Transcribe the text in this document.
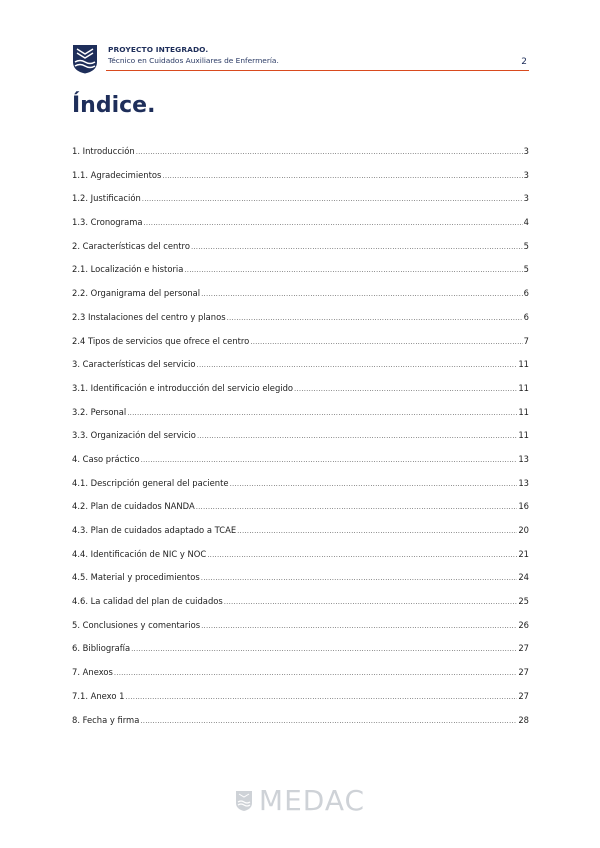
PROYECTO INTEGRADO.
Técnico en Cuidados Auxiliares de Enfermería.	2
Índice.
1. Introducción .....	3
1.1. Agradecimientos .....	3
1.2. Justificación .....	3
1.3. Cronograma .....	4
2. Características del centro .....	5
2.1. Localización e historia .....	5
2.2. Organigrama del personal .....	6
2.3 Instalaciones del centro y planos .....	6
2.4 Tipos de servicios que ofrece el centro .....	7
3. Características del servicio .....	11
3.1. Identificación e introducción del servicio elegido .....	11
3.2. Personal .....	11
3.3. Organización del servicio .....	11
4. Caso práctico .....	13
4.1. Descripción general del paciente .....	13
4.2. Plan de cuidados NANDA .....	16
4.3. Plan de cuidados adaptado a TCAE .....	20
4.4. Identificación de NIC y NOC .....	21
4.5. Material y procedimientos .....	24
4.6. La calidad del plan de cuidados .....	25
5. Conclusiones y comentarios .....	26
6. Bibliografía .....	27
7. Anexos .....	27
7.1. Anexo 1 .....	27
8. Fecha y firma .....	28
MEDAC
